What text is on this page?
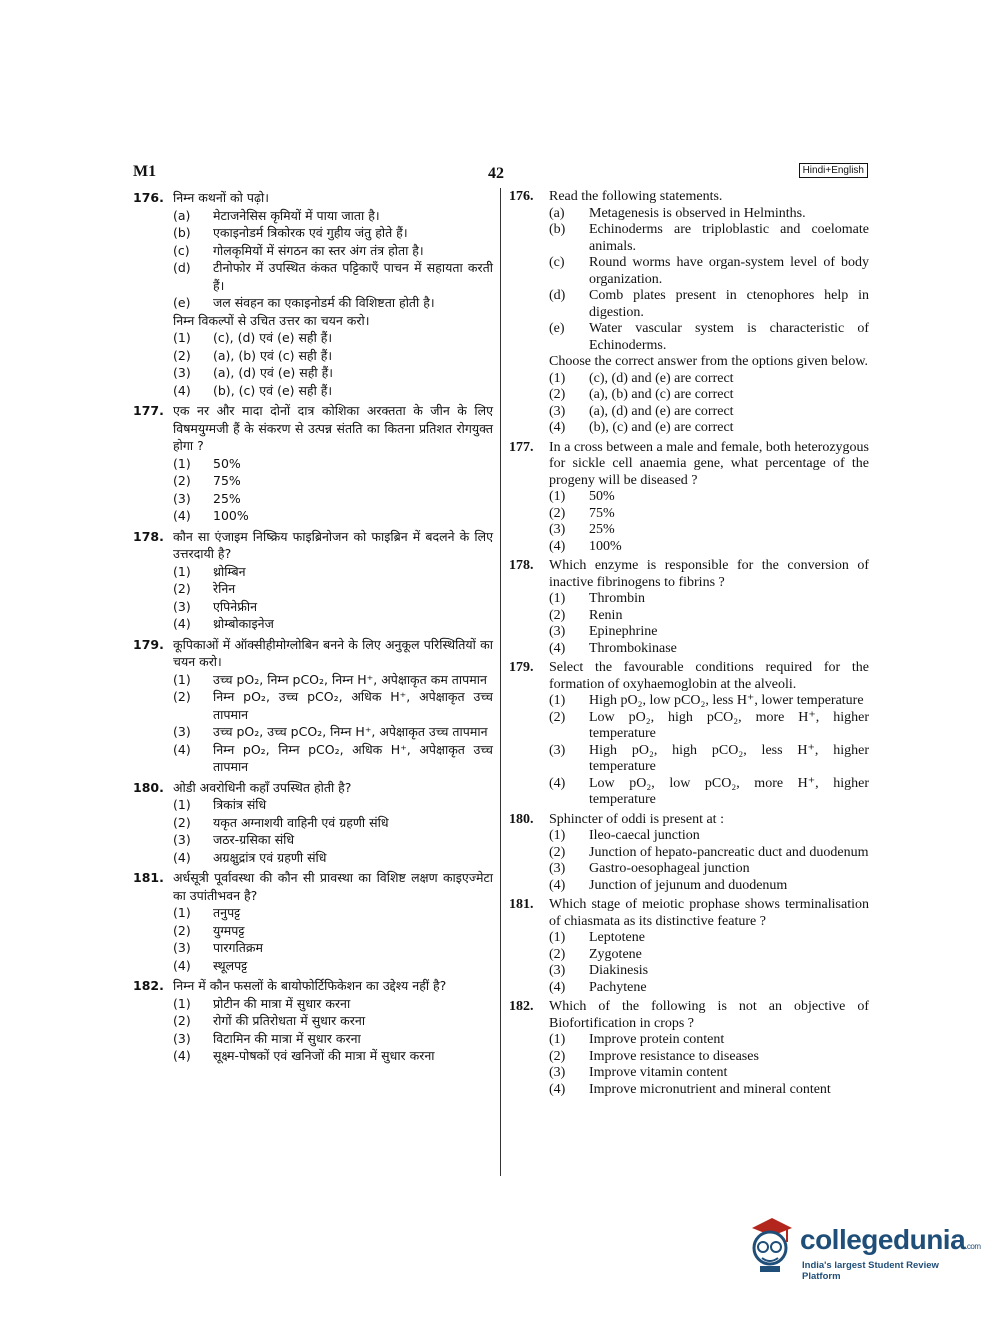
M1	42	Hindi+English
176. निम्न कथनों को पढ़ो।
(a)	मेटाजनेसिस कृमियों में पाया जाता है।
(b)	एकाइनोडर्म त्रिकोरक एवं गुहीय जंतु होते हैं।
(c)	गोलकृमियों में संगठन का स्तर अंग तंत्र होता है।
(d)	टीनोफोर में उपस्थित कंकत पट्टिकाएँ पाचन में सहायता करती हैं।
(e)	जल संवहन का एकाइनोडर्म की विशिष्टता होती है।
निम्न विकल्पों से उचित उत्तर का चयन करो।
(1)	(c), (d) एवं (e) सही हैं।
(2)	(a), (b) एवं (c) सही हैं।
(3)	(a), (d) एवं (e) सही हैं।
(4)	(b), (c) एवं (e) सही हैं।
177. एक नर और मादा दोनों दात्र कोशिका अरक्तता के जीन के लिए विषमयुग्मजी हैं के संकरण से उत्पन्न संतति का कितना प्रतिशत रोगयुक्त होगा ?
(1)	50%
(2)	75%
(3)	25%
(4)	100%
178. कौन सा एंजाइम निष्क्रिय फाइब्रिनोजन को फाइब्रिन में बदलने के लिए उत्तरदायी है?
(1)	थ्रोम्बिन
(2)	रेनिन
(3)	एपिनेफ्रीन
(4)	थ्रोम्बोकाइनेज
179. कूपिकाओं में ऑक्सीहीमोग्लोबिन बनने के लिए अनुकूल परिस्थितियों का चयन करो।
(1)	उच्च pO₂, निम्न pCO₂, निम्न H⁺, अपेक्षाकृत कम तापमान
(2)	निम्न pO₂, उच्च pCO₂, अधिक H⁺, अपेक्षाकृत उच्च तापमान
(3)	उच्च pO₂, उच्च pCO₂, निम्न H⁺, अपेक्षाकृत उच्च तापमान
(4)	निम्न pO₂, निम्न pCO₂, अधिक H⁺, अपेक्षाकृत उच्च तापमान
180. ओडी अवरोधिनी कहाँ उपस्थित होती है?
(1)	त्रिकांत्र संधि
(2)	यकृत अग्नाशयी वाहिनी एवं ग्रहणी संधि
(3)	जठर-ग्रसिका संधि
(4)	अग्रक्षुद्रांत्र एवं ग्रहणी संधि
181. अर्धसूत्री पूर्वावस्था की कौन सी प्रावस्था का विशिष्ट लक्षण काइएज्मेटा का उपांतीभवन है?
(1)	तनुपट्ट
(2)	युग्मपट्ट
(3)	पारगतिक्रम
(4)	स्थूलपट्ट
182. निम्न में कौन फसलों के बायोफोर्टिफिकेशन का उद्देश्य नहीं है?
(1)	प्रोटीन की मात्रा में सुधार करना
(2)	रोगों की प्रतिरोधता में सुधार करना
(3)	विटामिन की मात्रा में सुधार करना
(4)	सूक्ष्म-पोषकों एवं खनिजों की मात्रा में सुधार करना
176.	Read the following statements.
(a)	Metagenesis is observed in Helminths.
(b)	Echinoderms are triploblastic and coelomate animals.
(c)	Round worms have organ-system level of body organization.
(d)	Comb plates present in ctenophores help in digestion.
(e)	Water vascular system is characteristic of Echinoderms.
Choose the correct answer from the options given below.
(1)	(c), (d) and (e) are correct
(2)	(a), (b) and (c) are correct
(3)	(a), (d) and (e) are correct
(4)	(b), (c) and (e) are correct
177.	In a cross between a male and female, both heterozygous for sickle cell anaemia gene, what percentage of the progeny will be diseased ?
(1)	50%
(2)	75%
(3)	25%
(4)	100%
178.	Which enzyme is responsible for the conversion of inactive fibrinogens to fibrins ?
(1)	Thrombin
(2)	Renin
(3)	Epinephrine
(4)	Thrombokinase
179.	Select the favourable conditions required for the formation of oxyhaemoglobin at the alveoli.
(1)	High pO₂, low pCO₂, less H⁺, lower temperature
(2)	Low pO₂, high pCO₂, more H⁺, higher temperature
(3)	High pO₂, high pCO₂, less H⁺, higher temperature
(4)	Low pO₂, low pCO₂, more H⁺, higher temperature
180.	Sphincter of oddi is present at :
(1)	Ileo-caecal junction
(2)	Junction of hepato-pancreatic duct and duodenum
(3)	Gastro-oesophageal junction
(4)	Junction of jejunum and duodenum
181.	Which stage of meiotic prophase shows terminalisation of chiasmata as its distinctive feature ?
(1)	Leptotene
(2)	Zygotene
(3)	Diakinesis
(4)	Pachytene
182.	Which of the following is not an objective of Biofortification in crops ?
(1)	Improve protein content
(2)	Improve resistance to diseases
(3)	Improve vitamin content
(4)	Improve micronutrient and mineral content
collegedunia.com
India's largest Student Review Platform
